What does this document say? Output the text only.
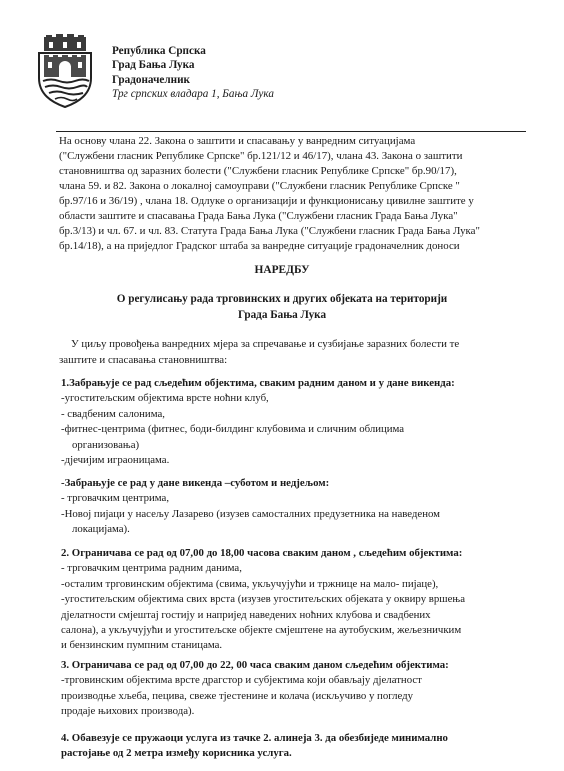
Република Српска
Град Бања Лука
Градоначелник
Трг српских владара 1, Бања Лука
На основу члана 22. Закона о заштити и спасавању у ванредним ситуацијама
("Службени гласник Републике Српске" бр.121/12 и 46/17), члана 43. Закона о заштити
становништва од заразних болести ("Службени гласник Републике Српске" бр.90/17),
члана 59. и 82. Закона о локалној самоуправи ("Службени гласник Републике Српске "
бр.97/16 и 36/19) , члана 18. Одлуке о организацији и функционисању цивилне заштите у
области заштите и спасавања Града Бања Лука ("Службени гласник Града Бања Лука"
бр.3/13) и чл. 67. и чл. 83. Статута Града Бања Лука ("Службени гласник Града Бања Лука"
бр.14/18), а на приједлог Градског штаба за ванредне ситуације градоначелник доноси
НАРЕДБУ
О регулисању рада трговинских и других објеката на територији
Града Бања Лука
У циљу провођења ванредних мјера за спречавање и сузбијање заразних болести те
заштите и спасавања становништва:
1.Забрањује се рад сљедећим објектима, сваким радним даном и у дане викенда:
-угоститељским објектима врсте ноћни клуб,
- свадбеним салонима,
-фитнес-центрима (фитнес, боди-билдинг клубовима и сличним облицима
организовања)
-дјечијим играоницама.
-Забрањује се рад у дане викенда –суботом и недјељом:
- трговачким центрима,
-Новој пијаци у насељу Лазарево (изузев самосталних предузетника на наведеном
локацијама).
2. Ограничава се рад од 07,00 до 18,00 часова сваким даном , сљедећим објектима:
- трговачким центрима радним данима,
-осталим трговинским објектима (свима, укључујући и тржнице на мало- пијаце),
-угоститељским објектима свих врста (изузев угоститељских објеката у оквиру вршења
дјелатности смјештај гостију и напријед наведених ноћних клубова и свадбених
салона), а укључујући и угоститељске објекте смјештене на аутобуским, жељезничким
и бензинским пумпним станицама.
3. Ограничава се рад од 07,00 до 22, 00 часа сваким даном сљедећим објектима:
-трговинским објектима врсте драгстор и субјектима који обављају дјелатност
производње хљеба, пецива, свеже тјестенине и колача (искључиво у погледу
продаје њихових производа).
4. Обавезује се пружаоци услуга из тачке 2. алинеја 3. да обезбиједе минимално
растојање од 2 метра између корисника услуга.
